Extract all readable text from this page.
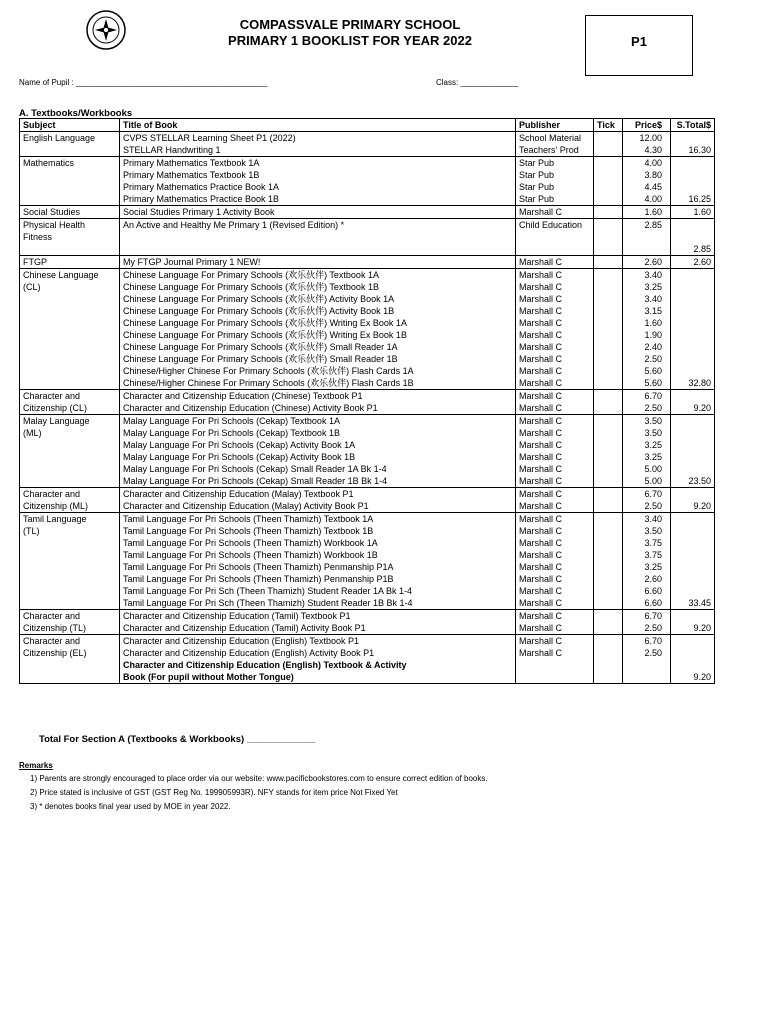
COMPASSVALE PRIMARY SCHOOL
PRIMARY 1 BOOKLIST FOR YEAR 2022	P1
Name of Pupil : ___________________________________________	Class: _____________
A. Textbooks/Workbooks
Subject	Title of Book	Publisher	Tick	Price$	S.Total$
English Language	CVPS STELLAR Learning Sheet P1 (2022)	School Material		12.00	
	STELLAR Handwriting 1	Teachers' Prod		4.30	16.30
Mathematics	Primary Mathematics Textbook 1A	Star Pub		4.00	
	Primary Mathematics Textbook 1B	Star Pub		3.80	
	Primary Mathematics Practice Book 1A	Star Pub		4.45	
	Primary Mathematics Practice Book 1B	Star Pub		4.00	16.25
Social Studies	Social Studies Primary 1 Activity Book	Marshall C		1.60	1.60
Physical Health	An Active and Healthy Me Primary 1 (Revised Edition) *	Child Education		2.85	
Fitness					
					2.85
FTGP	My FTGP Journal Primary 1 NEW!	Marshall C		2.60	2.60
Chinese Language	Chinese Language For Primary Schools (欢乐伙伴) Textbook 1A	Marshall C		3.40	
(CL)	Chinese Language For Primary Schools (欢乐伙伴) Textbook 1B	Marshall C		3.25	
	Chinese Language For Primary Schools (欢乐伙伴) Activity Book 1A	Marshall C		3.40	
	Chinese Language For Primary Schools (欢乐伙伴) Activity Book 1B	Marshall C		3.15	
	Chinese Language For Primary Schools (欢乐伙伴) Writing Ex Book 1A	Marshall C		1.60	
	Chinese Language For Primary Schools (欢乐伙伴) Writing Ex Book 1B	Marshall C		1.90	
	Chinese Language For Primary Schools (欢乐伙伴) Small Reader 1A	Marshall C		2.40	
	Chinese Language For Primary Schools (欢乐伙伴) Small Reader 1B	Marshall C		2.50	
	Chinese/Higher Chinese For Primary Schools (欢乐伙伴) Flash Cards 1A	Marshall C		5.60	
	Chinese/Higher Chinese For Primary Schools (欢乐伙伴) Flash Cards 1B	Marshall C		5.60	32.80
Character and	Character and Citizenship Education (Chinese) Textbook P1	Marshall C		6.70	
Citizenship (CL)	Character and Citizenship Education (Chinese) Activity Book P1	Marshall C		2.50	9.20
Malay Language	Malay Language For Pri Schools (Cekap) Textbook 1A	Marshall C		3.50	
(ML)	Malay Language For Pri Schools (Cekap) Textbook 1B	Marshall C		3.50	
	Malay Language For Pri Schools (Cekap) Activity Book 1A	Marshall C		3.25	
	Malay Language For Pri Schools (Cekap) Activity Book 1B	Marshall C		3.25	
	Malay Language For Pri Schools (Cekap) Small Reader 1A Bk 1-4	Marshall C		5.00	
	Malay Language For Pri Schools (Cekap) Small Reader 1B Bk 1-4	Marshall C		5.00	23.50
Character and	Character and Citizenship Education (Malay) Textbook P1	Marshall C		6.70	
Citizenship (ML)	Character and Citizenship Education (Malay) Activity Book P1	Marshall C		2.50	9.20
Tamil Language	Tamil Language For Pri Schools (Theen Thamizh) Textbook 1A	Marshall C		3.40	
(TL)	Tamil Language For Pri Schools (Theen Thamizh) Textbook 1B	Marshall C		3.50	
	Tamil Language For Pri Schools (Theen Thamizh) Workbook 1A	Marshall C		3.75	
	Tamil Language For Pri Schools (Theen Thamizh) Workbook 1B	Marshall C		3.75	
	Tamil Language For Pri Schools (Theen Thamizh) Penmanship P1A	Marshall C		3.25	
	Tamil Language For Pri Schools (Theen Thamizh) Penmanship P1B	Marshall C		2.60	
	Tamil Language For Pri Sch (Theen Thamizh) Student Reader 1A Bk 1-4	Marshall C		6.60	
	Tamil Language For Pri Sch (Theen Thamizh) Student Reader 1B Bk 1-4	Marshall C		6.60	33.45
Character and	Character and Citizenship Education (Tamil) Textbook P1	Marshall C		6.70	
Citizenship (TL)	Character and Citizenship Education (Tamil) Activity Book P1	Marshall C		2.50	9.20
Character and	Character and Citizenship Education (English) Textbook P1	Marshall C		6.70	
Citizenship (EL)	Character and Citizenship Education (English) Activity Book P1	Marshall C		2.50	
	Character and Citizenship Education (English) Textbook & Activity				
	Book (For pupil without Mother Tongue)				9.20
Total For Section A (Textbooks & Workbooks) _____________
Remarks
1) Parents are strongly encouraged to place order via our website: www.pacificbookstores.com to ensure correct edition of books.
2) Price stated is inclusive of GST (GST Reg No. 199905993R). NFY stands for item price Not Fixed Yet
3) * denotes books final year used by MOE in year 2022.
